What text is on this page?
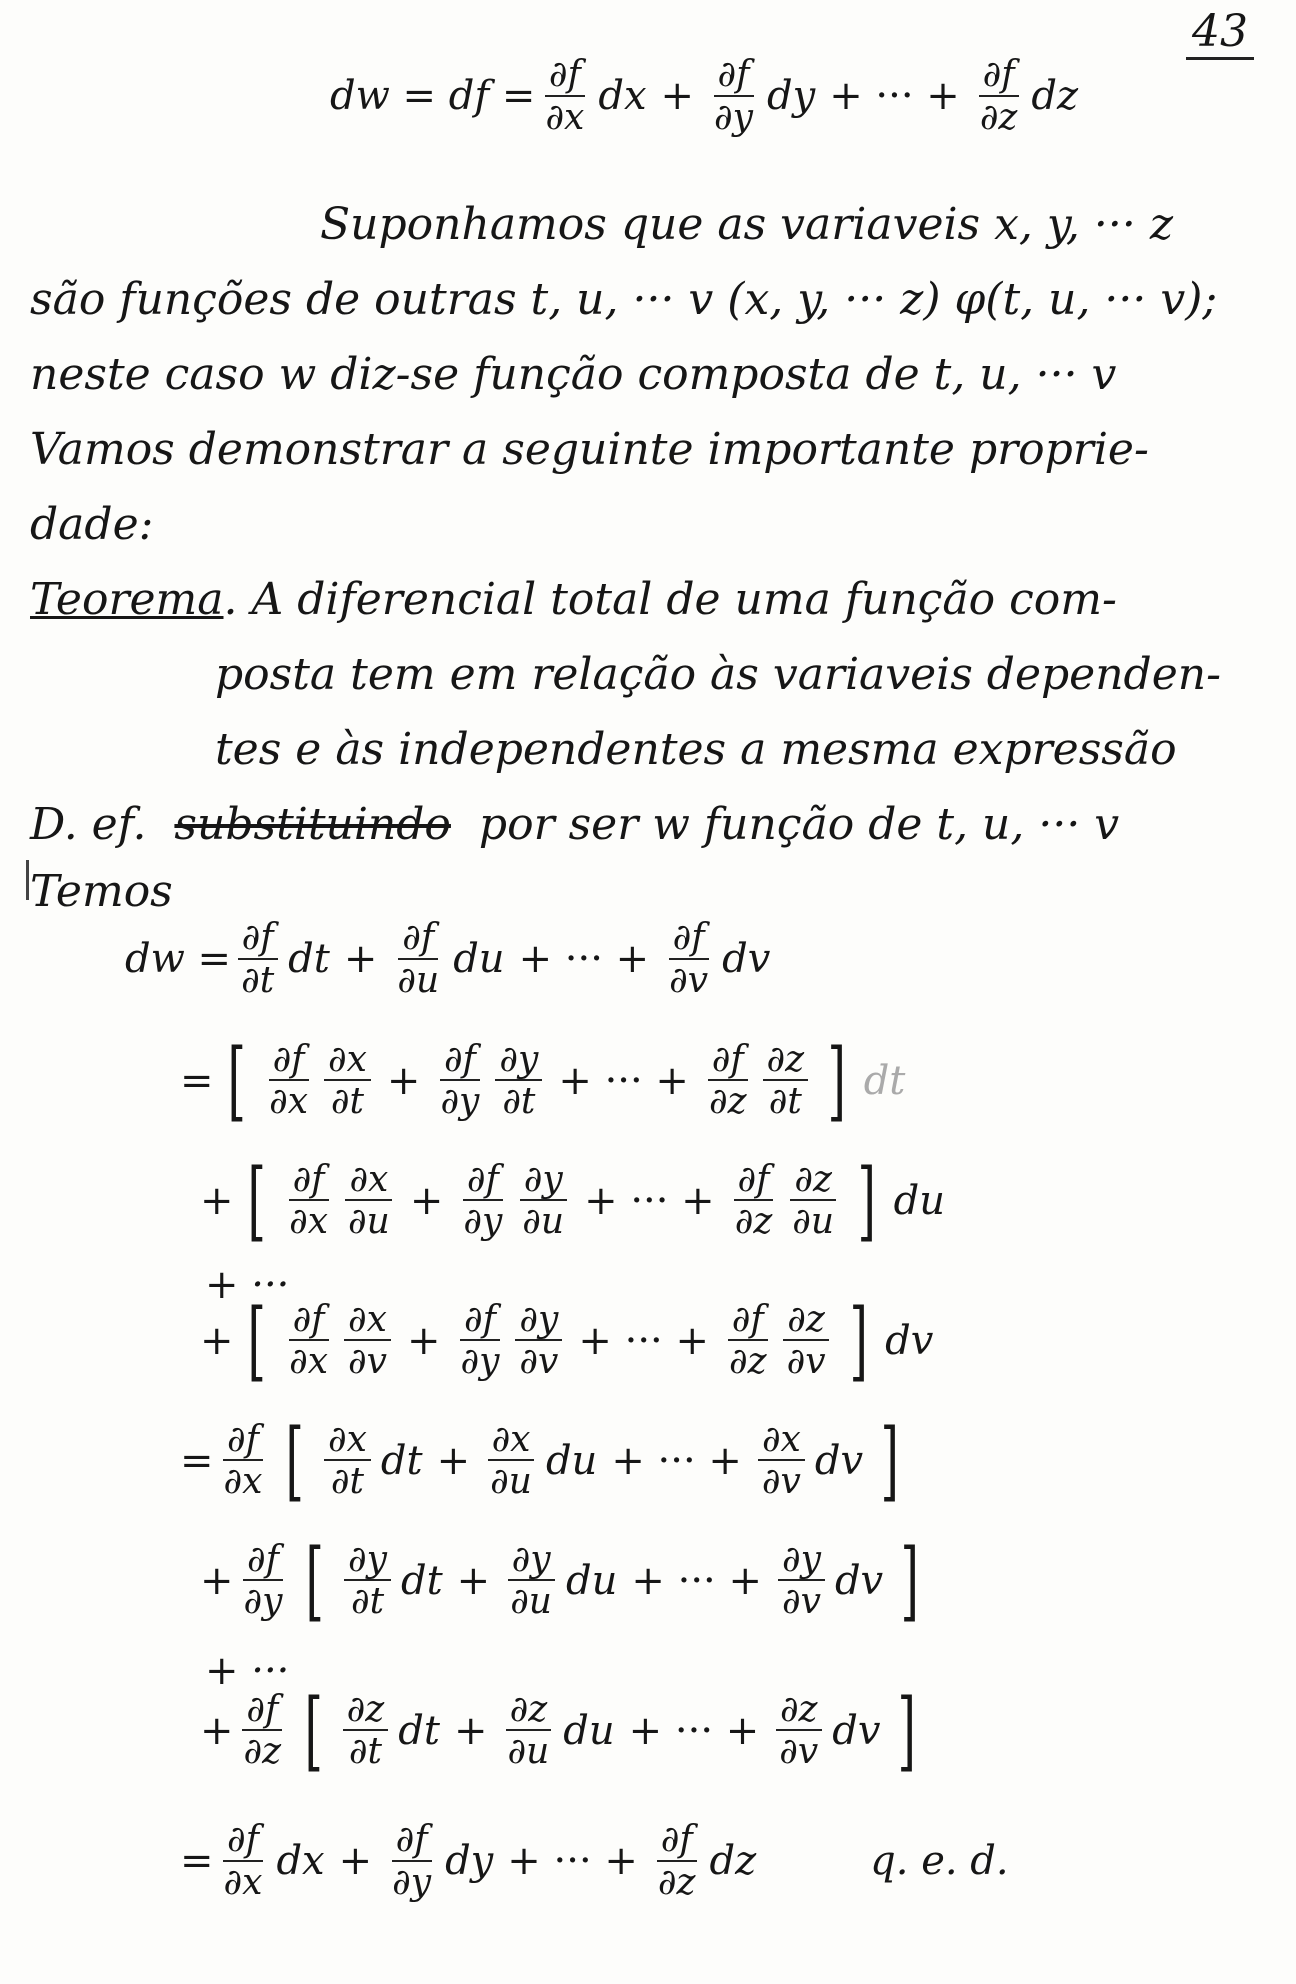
43
dw = df = $\frac{\partial f}{\partial x}$ dx + $\frac{\partial f}{\partial y}$ dy + ··· + $\frac{\partial f}{\partial z}$ dz
Suponhamos que as variaveis x, y, ··· z
são funções de outras t, u, ··· v (x, y, ··· z) φ(t, u, ··· v);
neste caso w diz-se função composta de t, u, ··· v
Vamos demonstrar a seguinte importante proprie-
dade:
Teorema. A diferencial total de uma função com-
posta tem em relação às variaveis dependen-
tes e às independentes a mesma expressão
D. ef. substituindo por ser w função de t, u, ··· v
Temos
dw = $\frac{\partial f}{\partial t}$ dt + $\frac{\partial f}{\partial u}$ du + ··· + $\frac{\partial f}{\partial v}$ dv
= [ $\frac{\partial f}{\partial x} \frac{\partial x}{\partial t} + \frac{\partial f}{\partial y} \frac{\partial y}{\partial t}$ + ··· + $\frac{\partial f}{\partial z} \frac{\partial z}{\partial t}$ ] dt
+ [ $\frac{\partial f}{\partial x} \frac{\partial x}{\partial u} + \frac{\partial f}{\partial y} \frac{\partial y}{\partial u}$ + ··· + $\frac{\partial f}{\partial z} \frac{\partial z}{\partial u}$ ] du
+ ···
+ [ $\frac{\partial f}{\partial x} \frac{\partial x}{\partial v} + \frac{\partial f}{\partial y} \frac{\partial y}{\partial v}$ + ··· + $\frac{\partial f}{\partial z} \frac{\partial z}{\partial v}$ ] dv
= $\frac{\partial f}{\partial x}$ [ $\frac{\partial x}{\partial t}$ dt + $\frac{\partial x}{\partial u}$ du + ··· + $\frac{\partial x}{\partial v}$ dv ]
+ $\frac{\partial f}{\partial y}$ [ $\frac{\partial y}{\partial t}$ dt + $\frac{\partial y}{\partial u}$ du + ··· + $\frac{\partial y}{\partial v}$ dv ]
+ ···
+ $\frac{\partial f}{\partial z}$ [ $\frac{\partial z}{\partial t}$ dt + $\frac{\partial z}{\partial u}$ du + ··· + $\frac{\partial z}{\partial v}$ dv ]
= $\frac{\partial f}{\partial x}$ dx + $\frac{\partial f}{\partial y}$ dy + ··· + $\frac{\partial f}{\partial z}$ dz	q. e. d.
